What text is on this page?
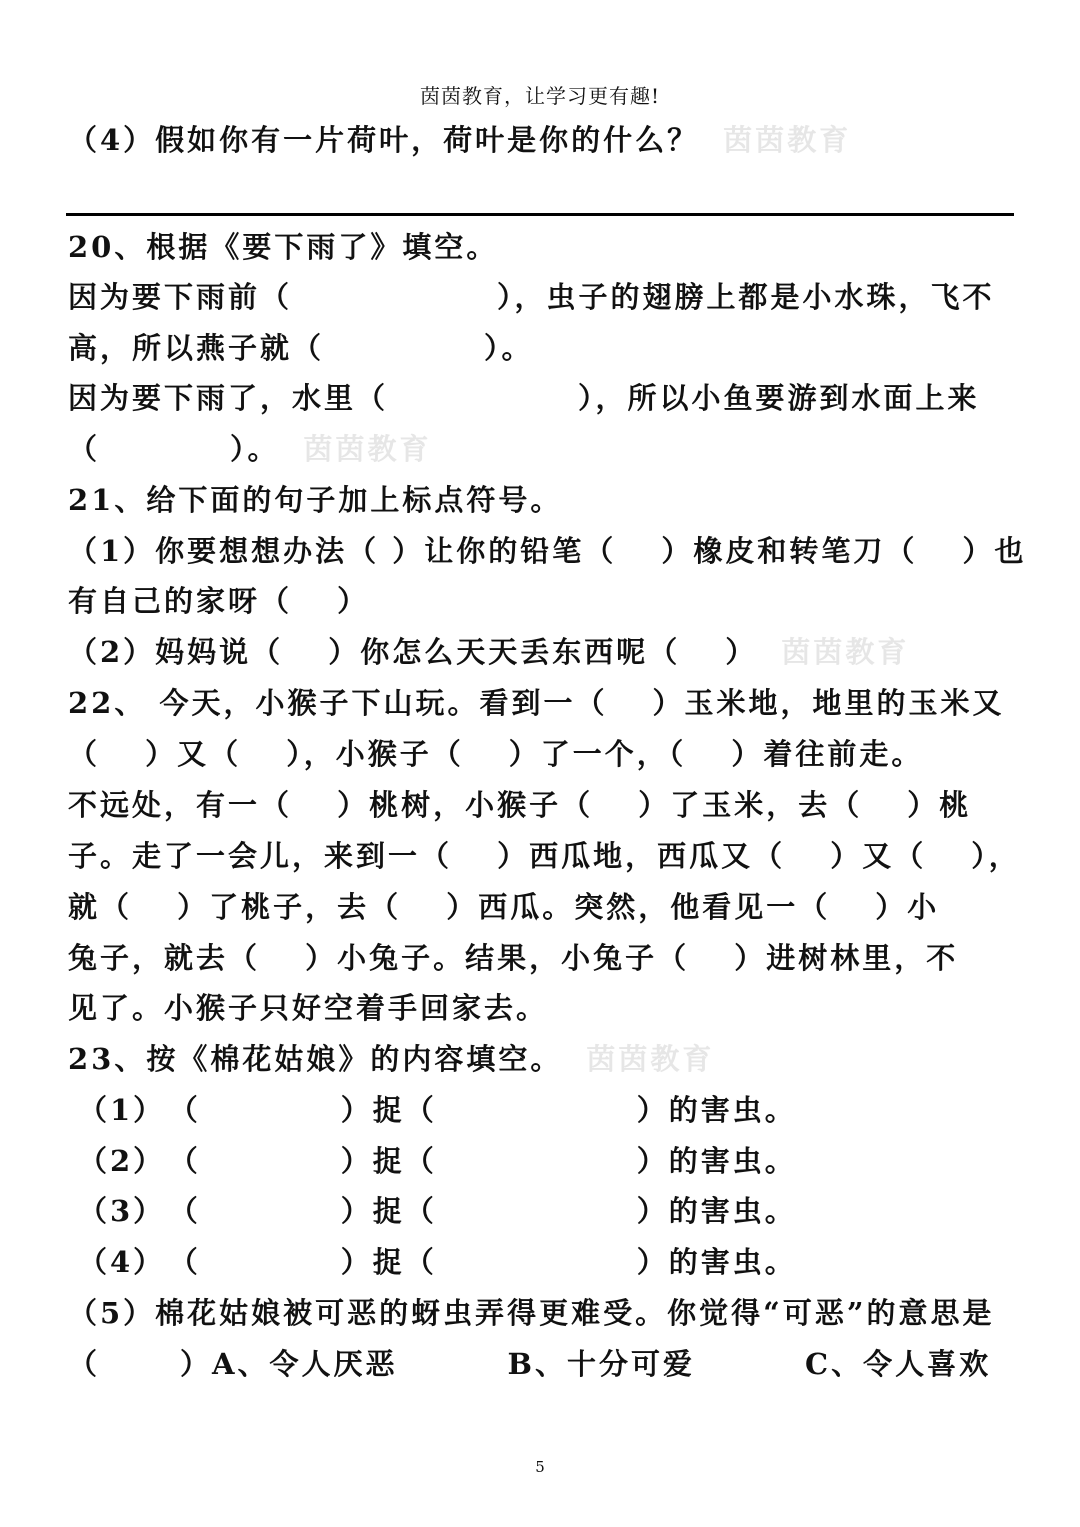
茵茵教育，让学习更有趣!
（4）假如你有一片荷叶，荷叶是你的什么？ 茵茵教育
20、根据《要下雨了》填空。
因为要下雨前（	），虫子的翅膀上都是小水珠，飞不
高，所以燕子就（	）。
因为要下雨了，水里（	），所以小鱼要游到水面上来
（	）。 茵茵教育
21、给下面的句子加上标点符号。
（1）你要想想办法（ ）让你的铅笔（　 ）橡皮和转笔刀（　 ）也
有自己的家呀（　 ）
（2）妈妈说（　 ）你怎么天天丢东西呢（　 ） 茵茵教育
22、 今天，小猴子下山玩。看到一（　 ）玉米地，地里的玉米又
（　 ）又（　 ），小猴子（　 ）了一个，（　 ）着往前走。
不远处，有一（　 ）桃树，小猴子（　 ）了玉米，去（　 ）桃
子。走了一会儿，来到一（　 ）西瓜地，西瓜又（　 ）又（　 ），
就（　 ）了桃子，去（　 ）西瓜。突然，他看见一（　 ）小
兔子，就去（　 ）小兔子。结果，小兔子（　 ）进树林里，不
见了。小猴子只好空着手回家去。
23、按《棉花姑娘》的内容填空。 茵茵教育
（1） （	）捉（	）的害虫。
（2） （	）捉（	）的害虫。
（3） （	）捉（	）的害虫。
（4） （	）捉（	）的害虫。
（5）棉花姑娘被可恶的蚜虫弄得更难受。你觉得“可恶”的意思是
（	）A、令人厌恶	B、十分可爱	C、令人喜欢
5
